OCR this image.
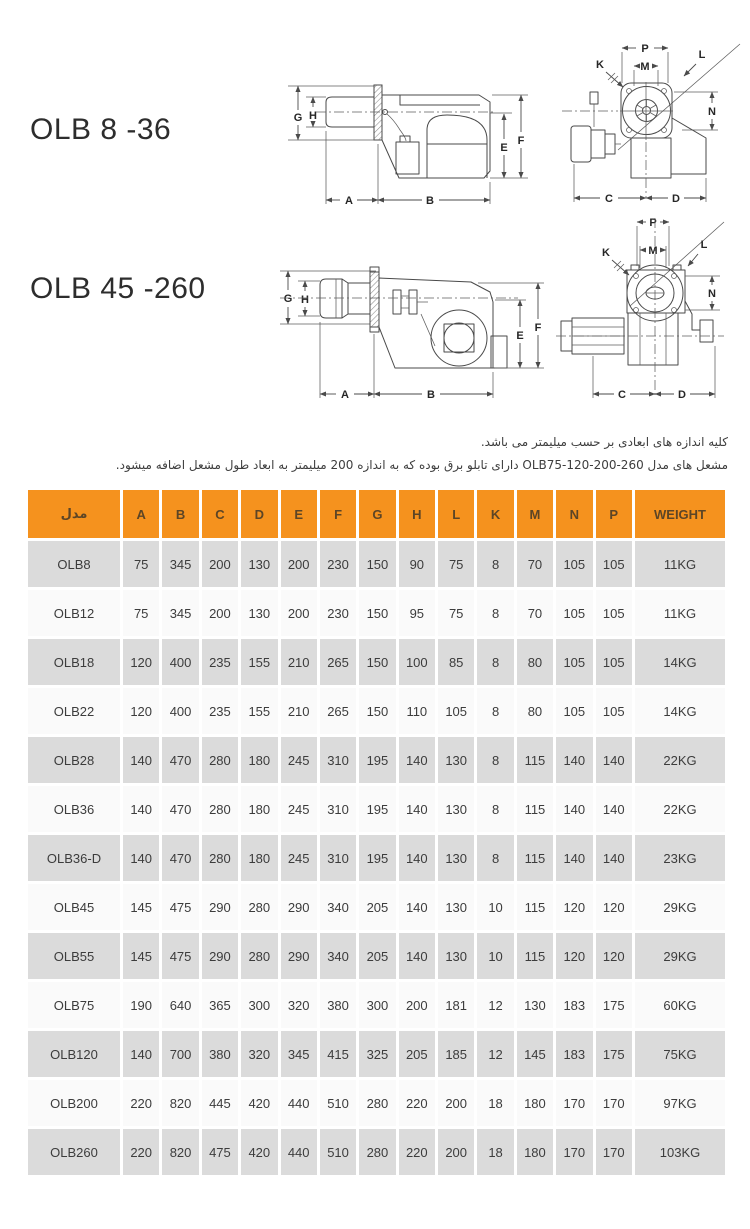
OLB 8 -36
OLB 45 -260
G H
E
F
A	B
P
M
K
L
N
C	D
G H
E
F
A	B
P
M
K
L
N
C	D
کلیه اندازه های ابعادی بر حسب میلیمتر می باشد.
مشعل های مدل OLB75-120-200-260 دارای تابلو برق بوده که به اندازه 200 میلیمتر به ابعاد طول مشعل اضافه میشود.
مدل	A	B	C	D	E	F	G	H	L	K	M	N	P	WEIGHT
OLB8	75	345	200	130	200	230	150	90	75	8	70	105	105	11KG
OLB12	75	345	200	130	200	230	150	95	75	8	70	105	105	11KG
OLB18	120	400	235	155	210	265	150	100	85	8	80	105	105	14KG
OLB22	120	400	235	155	210	265	150	110	105	8	80	105	105	14KG
OLB28	140	470	280	180	245	310	195	140	130	8	115	140	140	22KG
OLB36	140	470	280	180	245	310	195	140	130	8	115	140	140	22KG
OLB36-D	140	470	280	180	245	310	195	140	130	8	115	140	140	23KG
OLB45	145	475	290	280	290	340	205	140	130	10	115	120	120	29KG
OLB55	145	475	290	280	290	340	205	140	130	10	115	120	120	29KG
OLB75	190	640	365	300	320	380	300	200	181	12	130	183	175	60KG
OLB120	140	700	380	320	345	415	325	205	185	12	145	183	175	75KG
OLB200	220	820	445	420	440	510	280	220	200	18	180	170	170	97KG
OLB260	220	820	475	420	440	510	280	220	200	18	180	170	170	103KG
